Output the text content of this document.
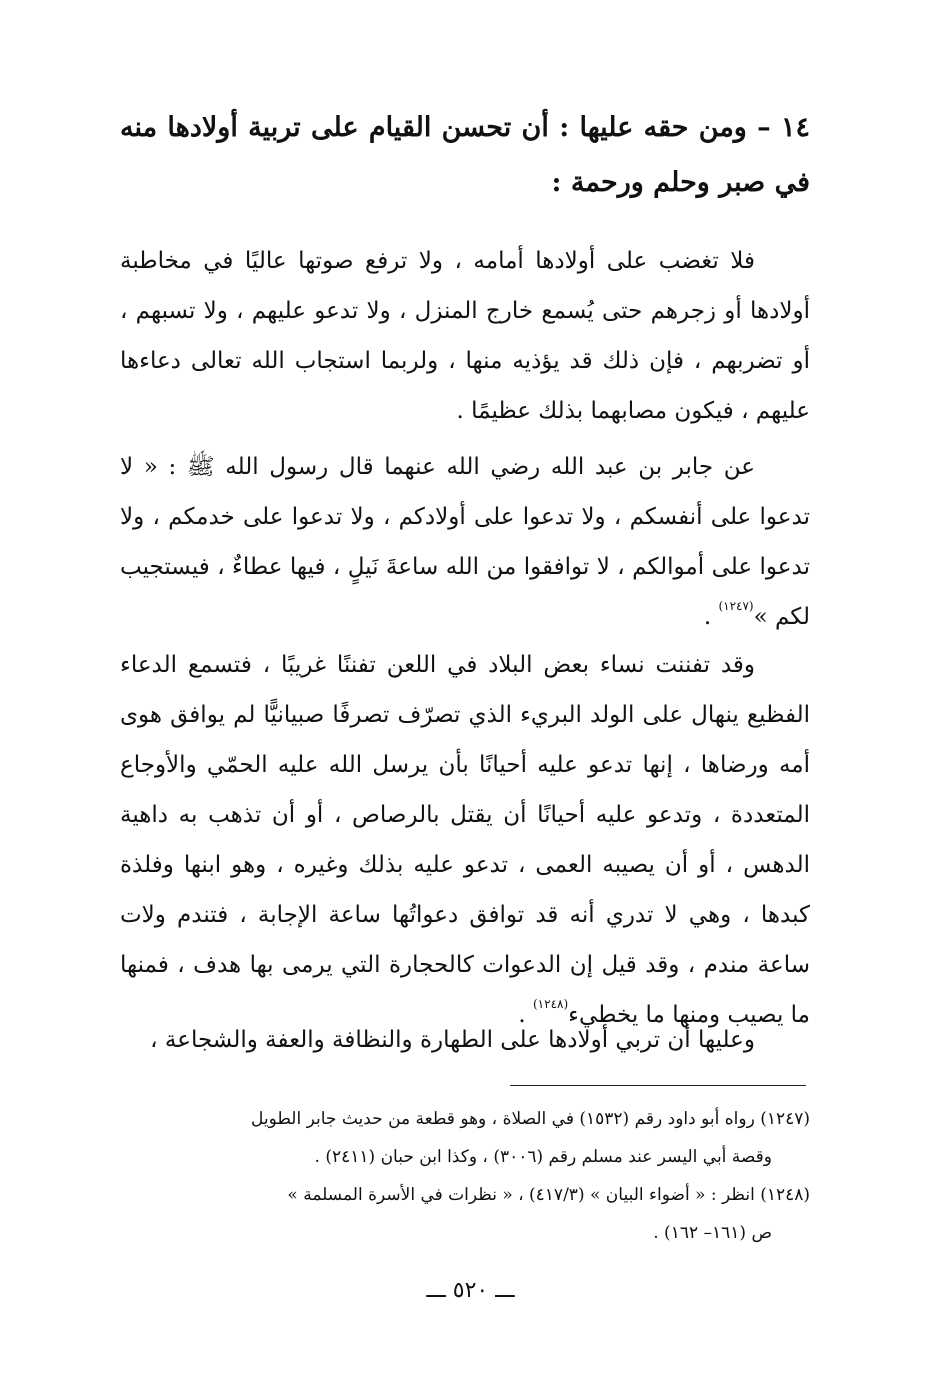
١٤ – ومن حقه عليها : أن تحسن القيام على تربية أولادها منه في صبر وحلم ورحمة :
فلا تغضب على أولادها أمامه ، ولا ترفع صوتها عاليًا في مخاطبة أولادها أو زجرهم حتى يُسمع خارج المنزل ، ولا تدعو عليهم ، ولا تسبهم ، أو تضربهم ، فإن ذلك قد يؤذيه منها ، ولربما استجاب الله تعالى دعاءها عليهم ، فيكون مصابهما بذلك عظيمًا .
عن جابر بن عبد الله رضي الله عنهما قال رسول الله ﷺ : « لا تدعوا على أنفسكم ، ولا تدعوا على أولادكم ، ولا تدعوا على خدمكم ، ولا تدعوا على أموالكم ، لا توافقوا من الله ساعةَ نَيلٍ ، فيها عطاءٌ ، فيستجيب لكم »$^{(١٢٤٧)}$ .
وقد تفننت نساء بعض البلاد في اللعن تفننًا غريبًا ، فتسمع الدعاء الفظيع ينهال على الولد البريء الذي تصرّف تصرفًا صبيانيًّا لم يوافق هوى أمه ورضاها ، إنها تدعو عليه أحيانًا بأن يرسل الله عليه الحمّي والأوجاع المتعددة ، وتدعو عليه أحيانًا أن يقتل بالرصاص ، أو أن تذهب به داهية الدهس ، أو أن يصيبه العمى ، تدعو عليه بذلك وغيره ، وهو ابنها وفلذة كبدها ، وهي لا تدري أنه قد توافق دعواتُها ساعة الإجابة ، فتندم ولات ساعة مندم ، وقد قيل إن الدعوات كالحجارة التي يرمى بها هدف ، فمنها ما يصيب ومنها ما يخطيء$^{(١٢٤٨)}$ .
وعليها أن تربي أولادها على الطهارة والنظافة والعفة والشجاعة ،

(١٢٤٧) رواه أبو داود رقم (١٥٣٢) في الصلاة ، وهو قطعة من حديث جابر الطويل
وقصة أبي اليسر عند مسلم رقم (٣٠٠٦) ، وكذا ابن حبان (٢٤١١) .

(١٢٤٨) انظر : « أضواء البيان » (٤١٧/٣) ، « نظرات في الأسرة المسلمة »
ص (١٦١– ١٦٢) .

ـــ ٥٢٠ ـــ
